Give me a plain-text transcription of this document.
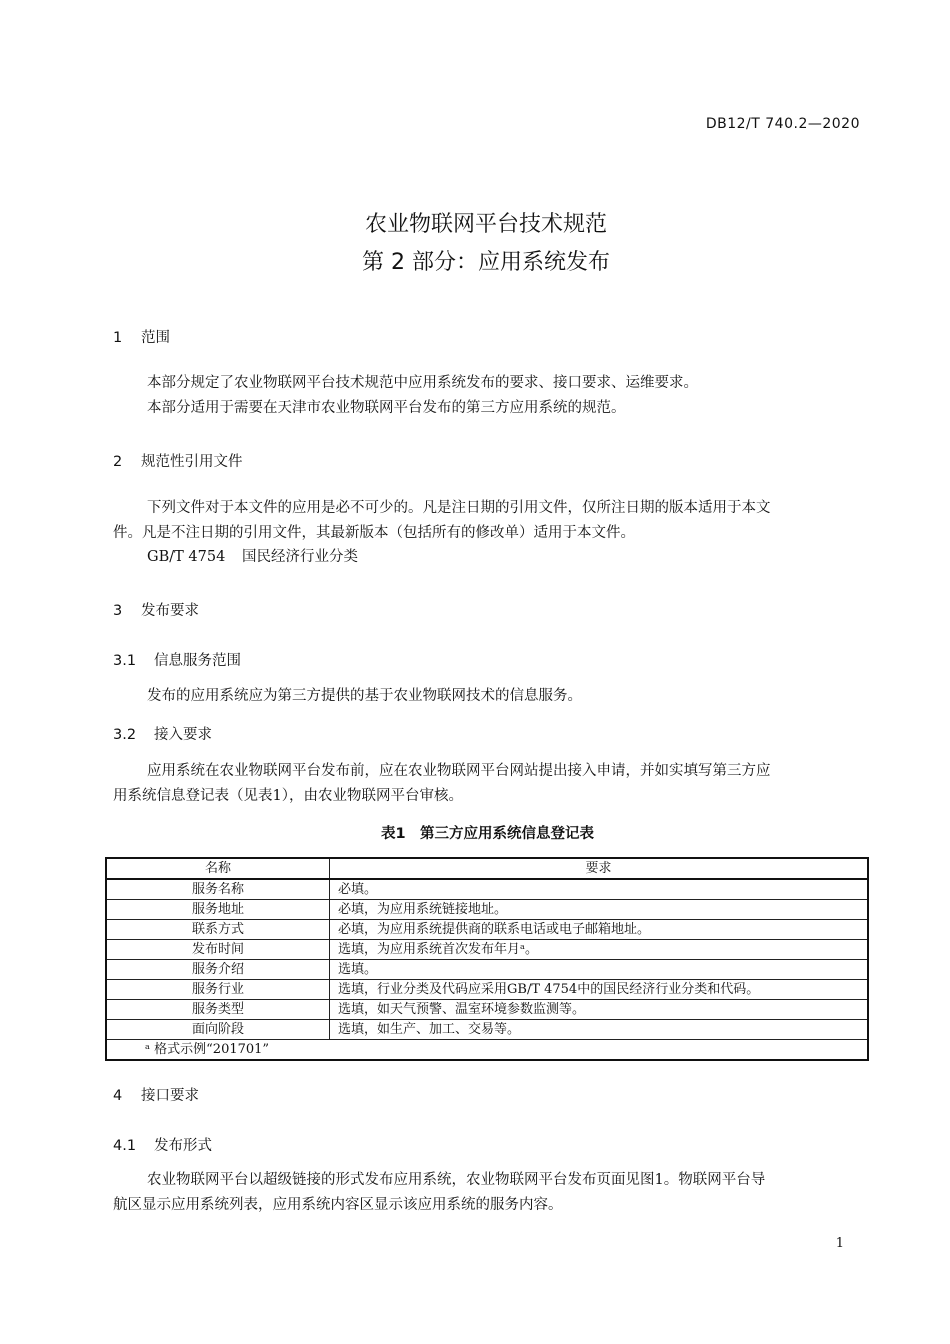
DB12/T 740.2—2020
农业物联网平台技术规范
第 2 部分：应用系统发布
1 范围
本部分规定了农业物联网平台技术规范中应用系统发布的要求、接口要求、运维要求。
本部分适用于需要在天津市农业物联网平台发布的第三方应用系统的规范。
2 规范性引用文件
下列文件对于本文件的应用是必不可少的。凡是注日期的引用文件，仅所注日期的版本适用于本文
件。凡是不注日期的引用文件，其最新版本（包括所有的修改单）适用于本文件。
GB/T 4754 国民经济行业分类
3 发布要求
3.1 信息服务范围
发布的应用系统应为第三方提供的基于农业物联网技术的信息服务。
3.2 接入要求
应用系统在农业物联网平台发布前，应在农业物联网平台网站提出接入申请，并如实填写第三方应
用系统信息登记表（见表1），由农业物联网平台审核。
表1　第三方应用系统信息登记表
名称	要求
服务名称	必填。
服务地址	必填，为应用系统链接地址。
联系方式	必填，为应用系统提供商的联系电话或电子邮箱地址。
发布时间	选填，为应用系统首次发布年月ᵃ。
服务介绍	选填。
服务行业	选填，行业分类及代码应采用GB/T 4754中的国民经济行业分类和代码。
服务类型	选填，如天气预警、温室环境参数监测等。
面向阶段	选填，如生产、加工、交易等。
ᵃ 格式示例“201701”	
4 接口要求
4.1 发布形式
农业物联网平台以超级链接的形式发布应用系统，农业物联网平台发布页面见图1。物联网平台导
航区显示应用系统列表，应用系统内容区显示该应用系统的服务内容。
1
